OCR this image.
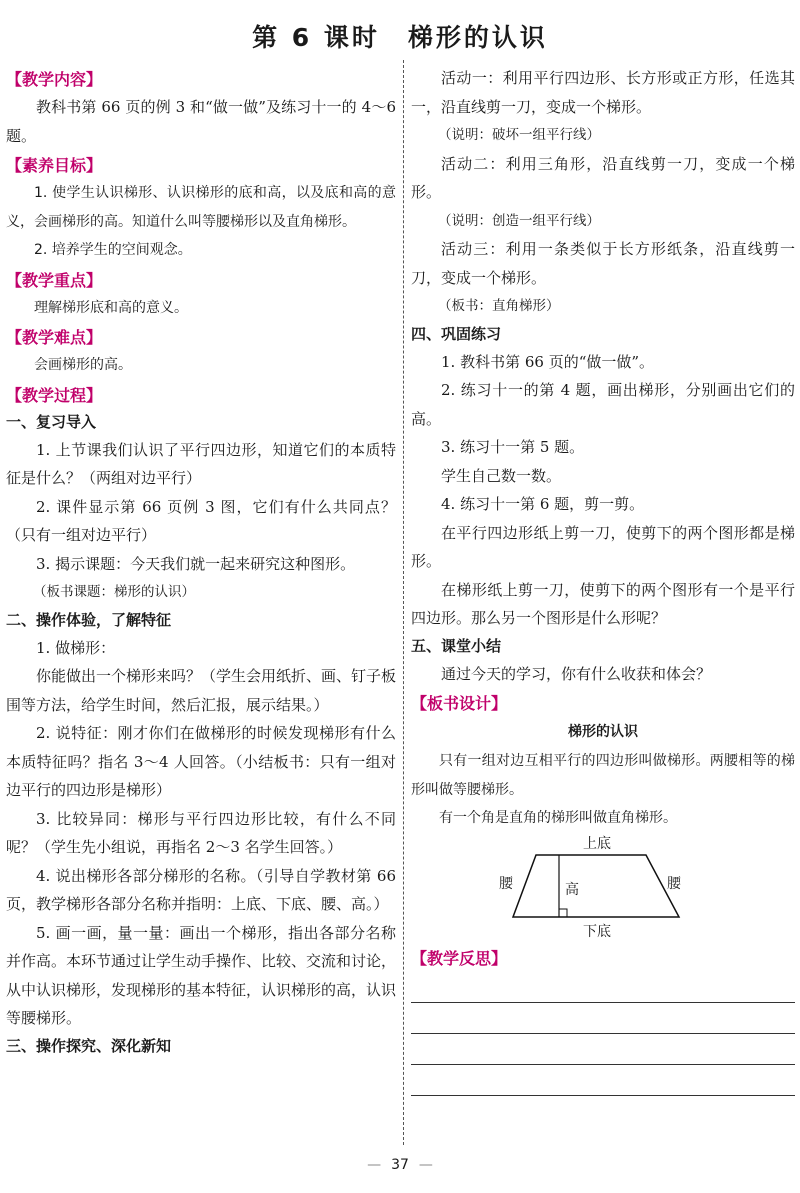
第 6 课时　梯形的认识
【教学内容】

教科书第 66 页的例 3 和“做一做”及练习十一的 4～6 题。

【素养目标】

1. 使学生认识梯形、认识梯形的底和高，以及底和高的意义，会画梯形的高。知道什么叫等腰梯形以及直角梯形。

2. 培养学生的空间观念。

【教学重点】

理解梯形底和高的意义。

【教学难点】

会画梯形的高。

【教学过程】
一、复习导入

1. 上节课我们认识了平行四边形，知道它们的本质特征是什么？（两组对边平行）

2. 课件显示第 66 页例 3 图，它们有什么共同点？（只有一组对边平行）

3. 揭示课题：今天我们就一起来研究这种图形。

（板书课题：梯形的认识）

二、操作体验，了解特征

1. 做梯形：

你能做出一个梯形来吗？（学生会用纸折、画、钉子板围等方法，给学生时间，然后汇报，展示结果。）

2. 说特征：刚才你们在做梯形的时候发现梯形有什么本质特征吗？指名 3～4 人回答。（小结板书：只有一组对边平行的四边形是梯形）

3. 比较异同：梯形与平行四边形比较，有什么不同呢？（学生先小组说，再指名 2～3 名学生回答。）

4. 说出梯形各部分梯形的名称。（引导自学教材第 66 页，教学梯形各部分名称并指明：上底、下底、腰、高。）

5. 画一画，量一量：画出一个梯形，指出各部分名称并作高。本环节通过让学生动手操作、比较、交流和讨论，从中认识梯形，发现梯形的基本特征，认识梯形的高，认识等腰梯形。

三、操作探究、深化新知

活动一：利用平行四边形、长方形或正方形，任选其一，沿直线剪一刀，变成一个梯形。

（说明：破坏一组平行线）

活动二：利用三角形，沿直线剪一刀，变成一个梯形。

（说明：创造一组平行线）

活动三：利用一条类似于长方形纸条，沿直线剪一刀，变成一个梯形。

（板书：直角梯形）

四、巩固练习

1. 教科书第 66 页的“做一做”。

2. 练习十一的第 4 题，画出梯形，分别画出它们的高。

3. 练习十一第 5 题。

学生自己数一数。

4. 练习十一第 6 题，剪一剪。

在平行四边形纸上剪一刀，使剪下的两个图形都是梯形。

在梯形纸上剪一刀，使剪下的两个图形有一个是平行四边形。那么另一个图形是什么形呢？

五、课堂小结

通过今天的学习，你有什么收获和体会？

【板书设计】
梯形的认识

只有一组对边互相平行的四边形叫做梯形。两腰相等的梯形叫做等腰梯形。

有一个角是直角的梯形叫做直角梯形。

上底
下底
腰	腰
高
【教学反思】
— 37 —
